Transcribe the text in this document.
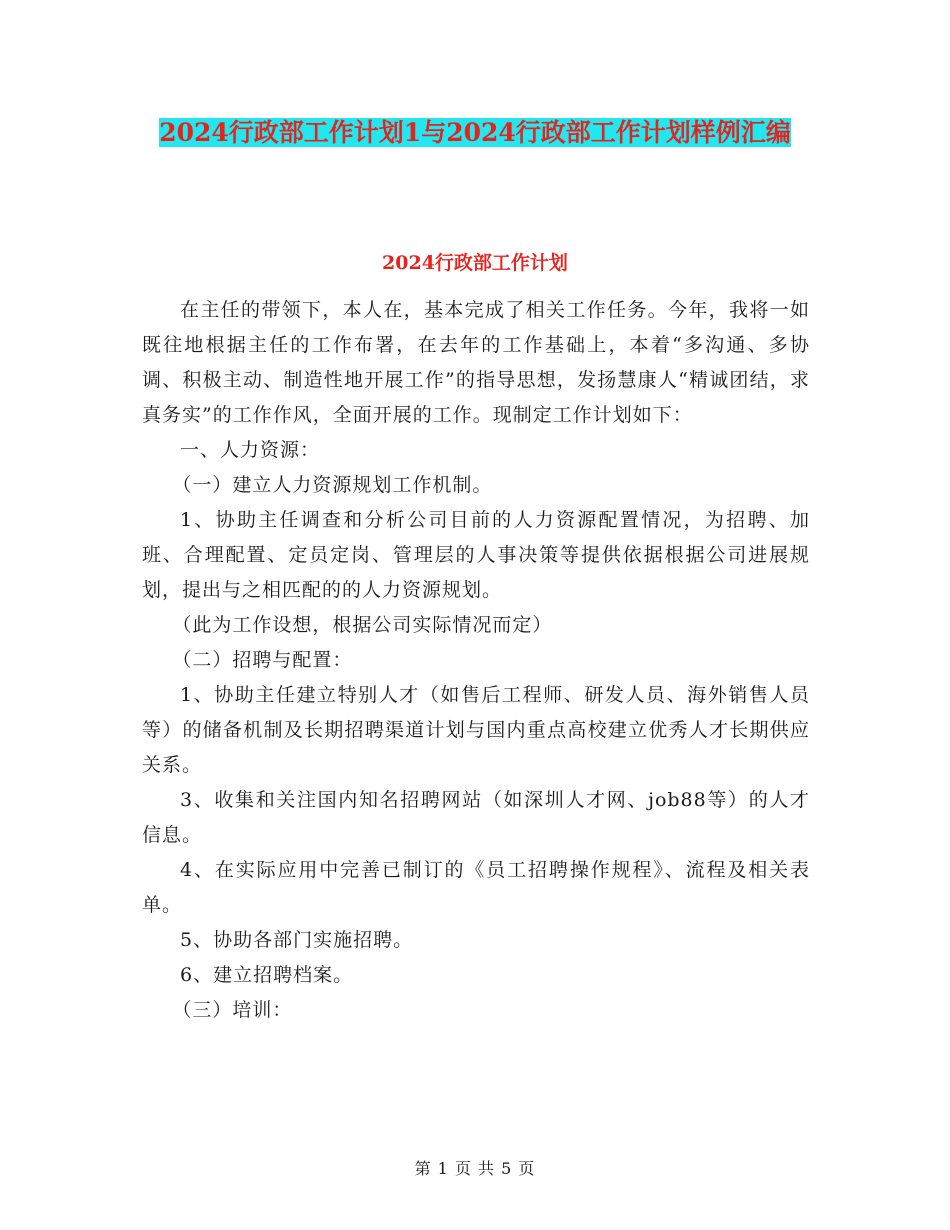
2024行政部工作计划1与2024行政部工作计划样例汇编
2024行政部工作计划

在主任的带领下，本人在，基本完成了相关工作任务。今年，我将一如既往地根据主任的工作布署，在去年的工作基础上，本着“多沟通、多协调、积极主动、制造性地开展工作”的指导思想，发扬慧康人“精诚团结，求真务实”的工作作风，全面开展的工作。现制定工作计划如下：

一、人力资源：

（一）建立人力资源规划工作机制。

1、协助主任调查和分析公司目前的人力资源配置情况，为招聘、加班、合理配置、定员定岗、管理层的人事决策等提供依据根据公司进展规划，提出与之相匹配的的人力资源规划。

（此为工作设想，根据公司实际情况而定）

（二）招聘与配置：

1、协助主任建立特别人才（如售后工程师、研发人员、海外销售人员等）的储备机制及长期招聘渠道计划与国内重点高校建立优秀人才长期供应关系。

3、收集和关注国内知名招聘网站（如深圳人才网、job88等）的人才信息。

4、在实际应用中完善已制订的《员工招聘操作规程》、流程及相关表单。

5、协助各部门实施招聘。

6、建立招聘档案。

（三）培训：

第 1 页 共 5 页
